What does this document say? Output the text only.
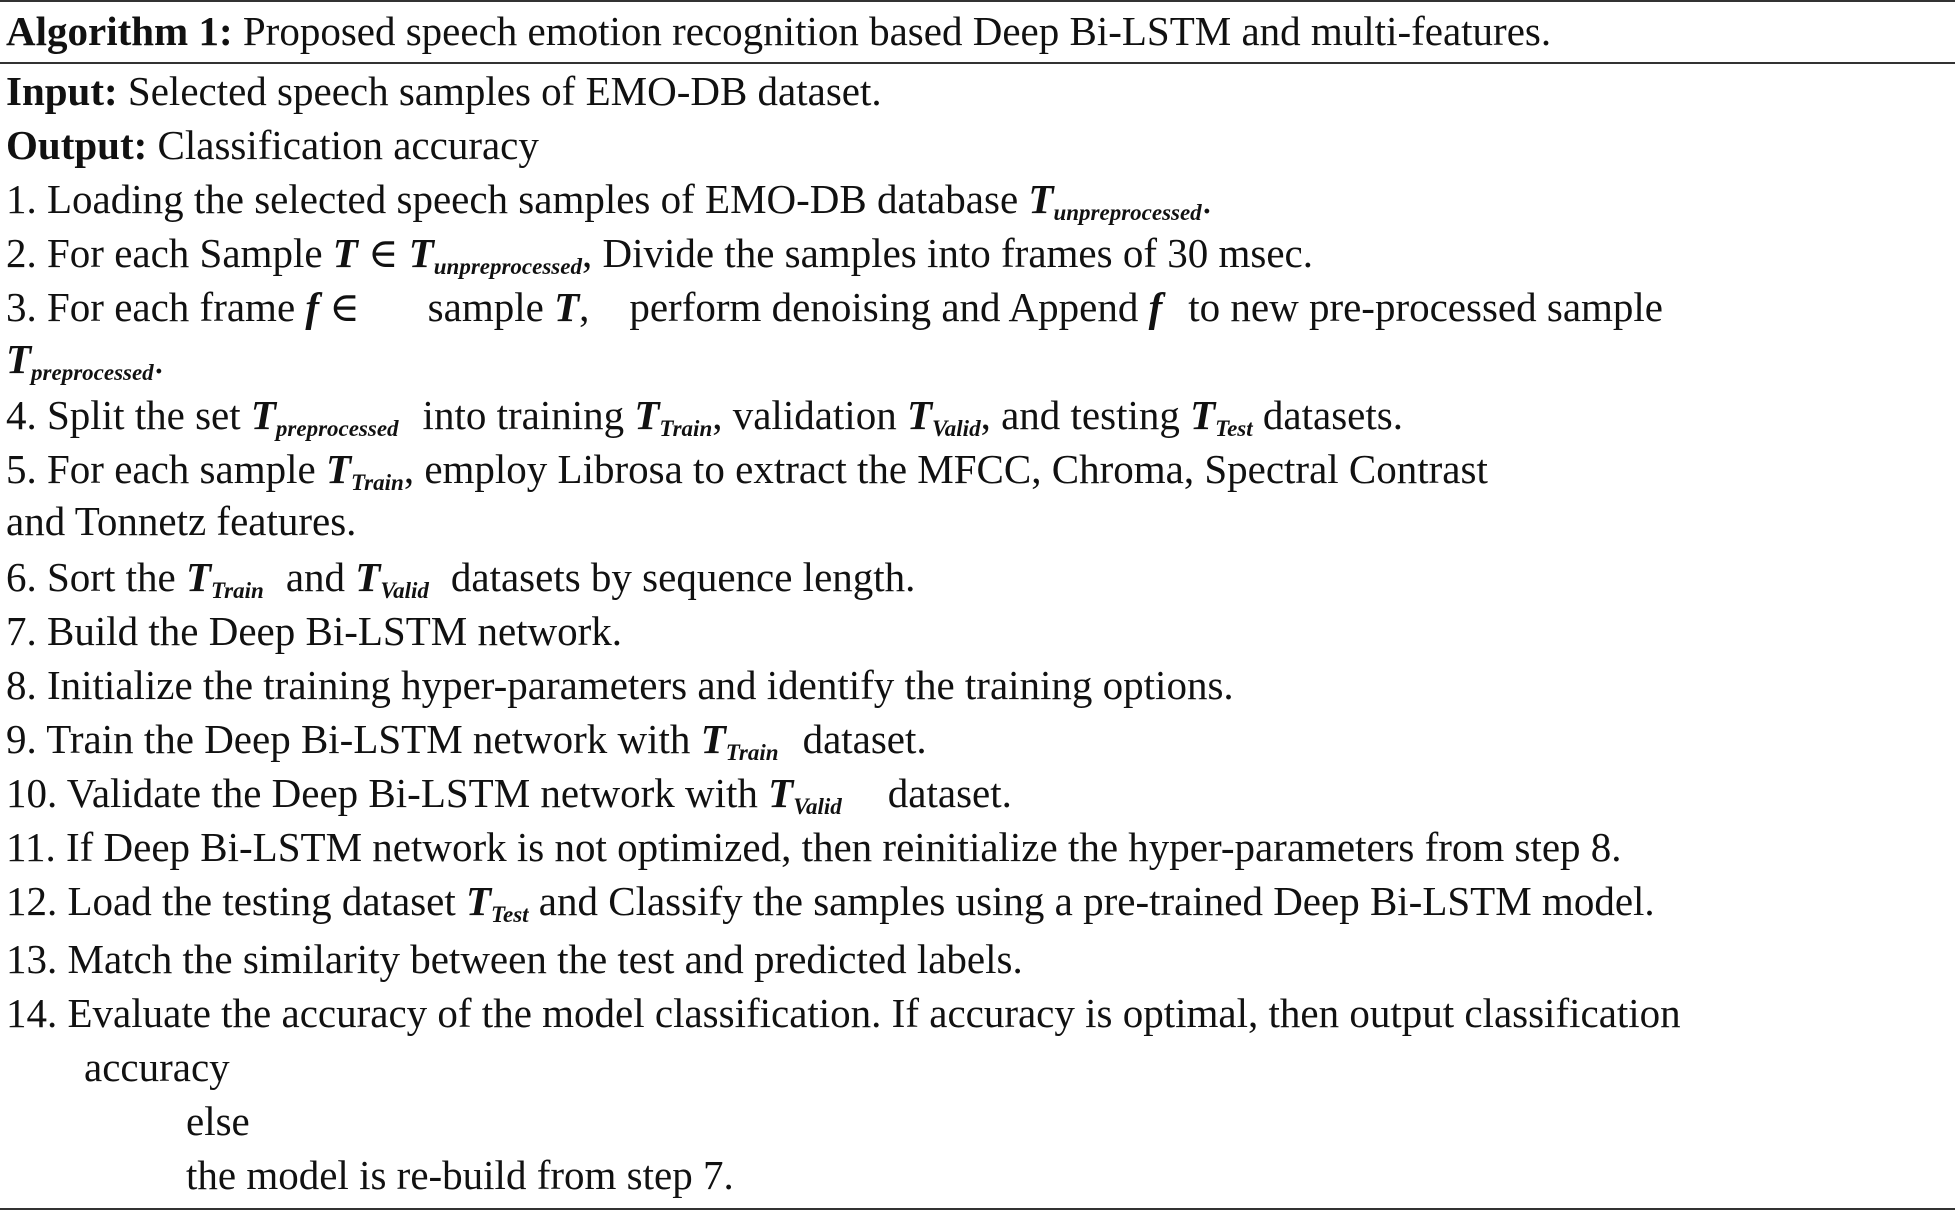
Algorithm 1: Proposed speech emotion recognition based Deep Bi-LSTM and multi-features.
Input: Selected speech samples of EMO-DB dataset.
Output: Classification accuracy
1. Loading the selected speech samples of EMO-DB database Tunpreprocessed.
2. For each Sample T ∈ Tunpreprocessed, Divide the samples into frames of 30 msec.
3. For each frame f ∈ sample T, perform denoising and Append f to new pre-processed sample
Tpreprocessed.
4. Split the set Tpreprocessed into training TTrain, validation TValid, and testing TTest datasets.
5. For each sample TTrain, employ Librosa to extract the MFCC, Chroma, Spectral Contrast
and Tonnetz features.
6. Sort the TTrain and TValid datasets by sequence length.
7. Build the Deep Bi-LSTM network.
8. Initialize the training hyper-parameters and identify the training options.
9. Train the Deep Bi-LSTM network with TTrain dataset.
10. Validate the Deep Bi-LSTM network with TValid dataset.
11. If Deep Bi-LSTM network is not optimized, then reinitialize the hyper-parameters from step 8.
12. Load the testing dataset TTest and Classify the samples using a pre-trained Deep Bi-LSTM model.
13. Match the similarity between the test and predicted labels.
14. Evaluate the accuracy of the model classification. If accuracy is optimal, then output classification
accuracy
else
the model is re-build from step 7.
